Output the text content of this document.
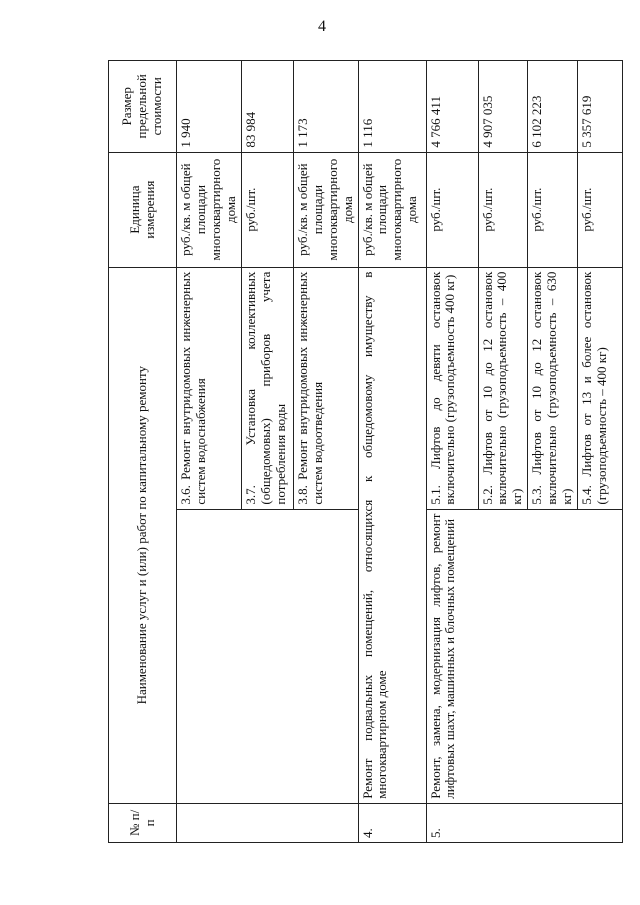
4
№ п/п	Наименование услуг и (или) работ по капитальному ремонту		Единица измерения	Размер предельной стоимости
		3.6. Ремонт внутридомовых инженерных систем водоснабжения	руб./кв. м общей площади многоквартирного дома	1 940
		3.7. Установка коллективных (общедомовых) приборов учета потребления воды	руб./шт.	83 984
		3.8. Ремонт внутридомовых инженерных систем водоотведения	руб./кв. м общей площади многоквартирного дома	1 173
4.	Ремонт подвальных помещений, относящихся к общедомовому имуществу в многоквартирном доме		руб./кв. м общей площади многоквартирного дома	1 116
5.	Ремонт, замена, модернизация лифтов, ремонт лифтовых шахт, машинных и блочных помещений	5.1. Лифтов до девяти остановок включительно (грузоподъемность 400 кг)	руб./шт.	4 766 411
		5.2. Лифтов от 10 до 12 остановок включительно (грузоподъемность – 400 кг)	руб./шт.	4 907 035
		5.3. Лифтов от 10 до 12 остановок включительно (грузоподъемность – 630 кг)	руб./шт.	6 102 223
		5.4. Лифтов от 13 и более остановок (грузоподъемность – 400 кг)	руб./шт.	5 357 619
